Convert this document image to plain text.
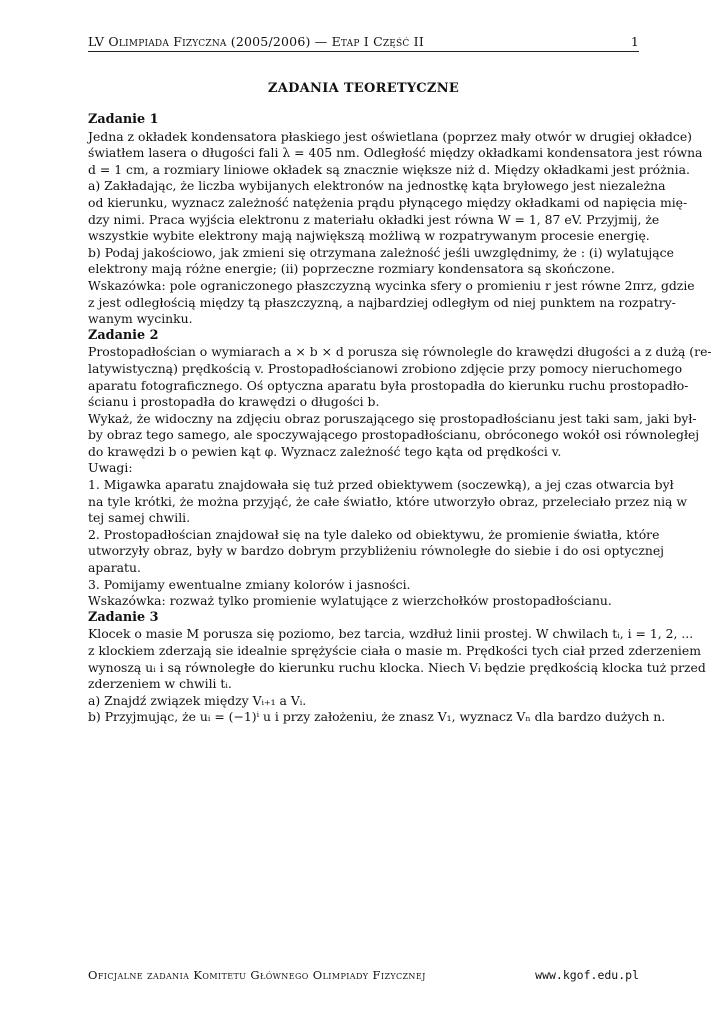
LV Olimpiada Fizyczna (2005/2006) — Etap I Część II	1
ZADANIA TEORETYCZNE
Zadanie 1
Jedna z okładek kondensatora płaskiego jest oświetlana (poprzez mały otwór w drugiej okładce)
światłem lasera o długości fali λ = 405 nm. Odległość między okładkami kondensatora jest równa
d = 1 cm, a rozmiary liniowe okładek są znacznie większe niż d. Między okładkami jest próżnia.
a) Zakładając, że liczba wybijanych elektronów na jednostkę kąta bryłowego jest niezależna
od kierunku, wyznacz zależność natężenia prądu płynącego między okładkami od napięcia mię-
dzy nimi. Praca wyjścia elektronu z materiału okładki jest równa W = 1, 87 eV. Przyjmij, że
wszystkie wybite elektrony mają największą możliwą w rozpatrywanym procesie energię.
b) Podaj jakościowo, jak zmieni się otrzymana zależność jeśli uwzględnimy, że : (i) wylatujące
elektrony mają różne energie; (ii) poprzeczne rozmiary kondensatora są skończone.
Wskazówka: pole ograniczonego płaszczyzną wycinka sfery o promieniu r jest równe 2πrz, gdzie
z jest odległością między tą płaszczyzną, a najbardziej odległym od niej punktem na rozpatry-
wanym wycinku.
Zadanie 2
Prostopadłościan o wymiarach a × b × d porusza się równolegle do krawędzi długości a z dużą (re-
latywistyczną) prędkością v. Prostopadłościanowi zrobiono zdjęcie przy pomocy nieruchomego
aparatu fotograficznego. Oś optyczna aparatu była prostopadła do kierunku ruchu prostopadło-
ścianu i prostopadła do krawędzi o długości b.
Wykaż, że widoczny na zdjęciu obraz poruszającego się prostopadłościanu jest taki sam, jaki był-
by obraz tego samego, ale spoczywającego prostopadłościanu, obróconego wokół osi równoległej
do krawędzi b o pewien kąt φ. Wyznacz zależność tego kąta od prędkości v.
Uwagi:
1. Migawka aparatu znajdowała się tuż przed obiektywem (soczewką), a jej czas otwarcia był
na tyle krótki, że można przyjąć, że całe światło, które utworzyło obraz, przeleciało przez nią w
tej samej chwili.
2. Prostopadłościan znajdował się na tyle daleko od obiektywu, że promienie światła, które
utworzyły obraz, były w bardzo dobrym przybliżeniu równoległe do siebie i do osi optycznej
aparatu.
3. Pomijamy ewentualne zmiany kolorów i jasności.
Wskazówka: rozważ tylko promienie wylatujące z wierzchołków prostopadłościanu.
Zadanie 3
Klocek o masie M porusza się poziomo, bez tarcia, wzdłuż linii prostej. W chwilach tᵢ, i = 1, 2, ...
z klockiem zderzają sie idealnie sprężyście ciała o masie m. Prędkości tych ciał przed zderzeniem
wynoszą uᵢ i są równoległe do kierunku ruchu klocka. Niech Vᵢ będzie prędkością klocka tuż przed
zderzeniem w chwili tᵢ.
a) Znajdź związek między Vᵢ₊₁ a Vᵢ.
b) Przyjmując, że uᵢ = (−1)ⁱ u i przy założeniu, że znasz V₁, wyznacz Vₙ dla bardzo dużych n.
Oficjalne zadania Komitetu Głównego Olimpiady Fizycznej	www.kgof.edu.pl
